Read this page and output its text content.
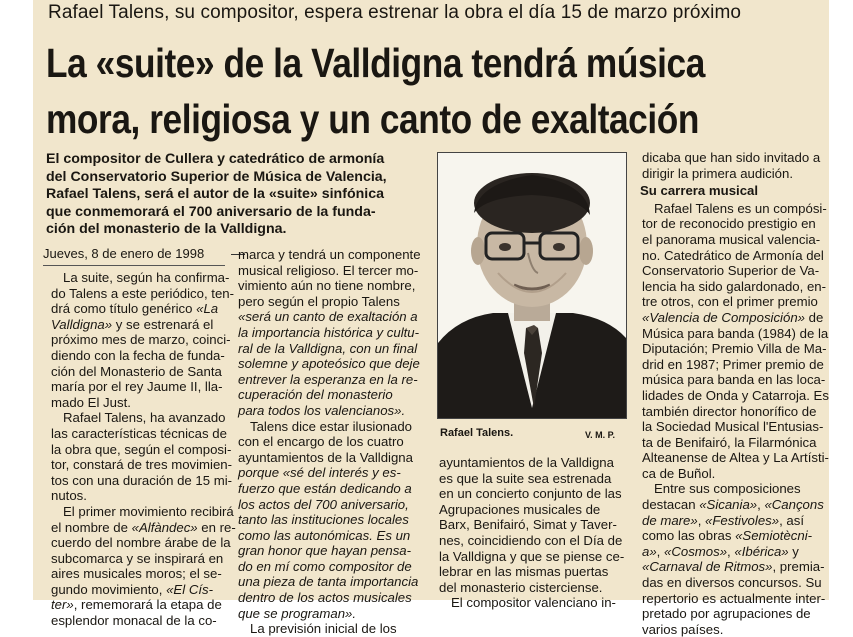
Rafael Talens, su compositor, espera estrenar la obra el día 15 de marzo próximo
La «suite» de la Valldigna tendrá música
mora, religiosa y un canto de exaltación
El compositor de Cullera y catedrático de armonía
del Conservatorio Superior de Música de Valencia,
Rafael Talens, será el autor de la «suite» sinfónica
que conmemorará el 700 aniversario de la funda-
ción del monasterio de la Valldigna.
Jueves, 8 de enero de 1998
La suite, según ha confirma-
do Talens a este periódico, ten-
drá como título genérico «La
Valldigna» y se estrenará el
próximo mes de marzo, coinci-
diendo con la fecha de funda-
ción del Monasterio de Santa
maría por el rey Jaume II, lla-
mado El Just.
Rafael Talens, ha avanzado
las características técnicas de
la obra que, según el composi-
tor, constará de tres movimien-
tos con una duración de 15 mi-
nutos.
El primer movimiento recibirá
el nombre de «Alfàndec» en re-
cuerdo del nombre árabe de la
subcomarca y se inspirará en
aires musicales moros; el se-
gundo movimiento, «El Cís-
ter», rememorará la etapa de
esplendor monacal de la co-
marca y tendrá un componente
musical religioso. El tercer mo-
vimiento aún no tiene nombre,
pero según el propio Talens
«será un canto de exaltación a
la importancia histórica y cultu-
ral de la Valldigna, con un final
solemne y apoteósico que deje
entrever la esperanza en la re-
cuperación del monasterio
para todos los valencianos».
Talens dice estar ilusionado
con el encargo de los cuatro
ayuntamientos de la Valldigna
porque «sé del interés y es-
fuerzo que están dedicando a
los actos del 700 aniversario,
tanto las instituciones locales
como las autonómicas. Es un
gran honor que hayan pensa-
do en mí como compositor de
una pieza de tanta importancia
dentro de los actos musicales
que se programan».
La previsión inicial de los
ayuntamientos de la Valldigna
es que la suite sea estrenada
en un concierto conjunto de las
Agrupaciones musicales de
Barx, Benifairó, Simat y Taver-
nes, coincidiendo con el Día de
la Valldigna y que se piense ce-
lebrar en las mismas puertas
del monasterio cisterciense.
El compositor valenciano in-
dicaba que han sido invitado a
dirigir la primera audición.
Su carrera musical
Rafael Talens es un compósi-
tor de reconocido prestigio en
el panorama musical valencia-
no. Catedrático de Armonía del
Conservatorio Superior de Va-
lencia ha sido galardonado, en-
tre otros, con el primer premio
«Valencia de Composición» de
Música para banda (1984) de la
Diputación; Premio Villa de Ma-
drid en 1987; Primer premio de
música para banda en las loca-
lidades de Onda y Catarroja. Es
también director honorífico de
la Sociedad Musical l'Entusias-
ta de Benifairó, la Filarmónica
Alteanense de Altea y La Artísti-
ca de Buñol.
Entre sus composiciones
destacan «Sicania», «Cançons
de mare», «Festivoles», así
como las obras «Semiotècni-
a», «Cosmos», «Ibérica» y
«Carnaval de Ritmos», premia-
das en diversos concursos. Su
repertorio es actualmente inter-
pretado por agrupaciones de
varios países.
Rafael Talens.	V. M. P.
